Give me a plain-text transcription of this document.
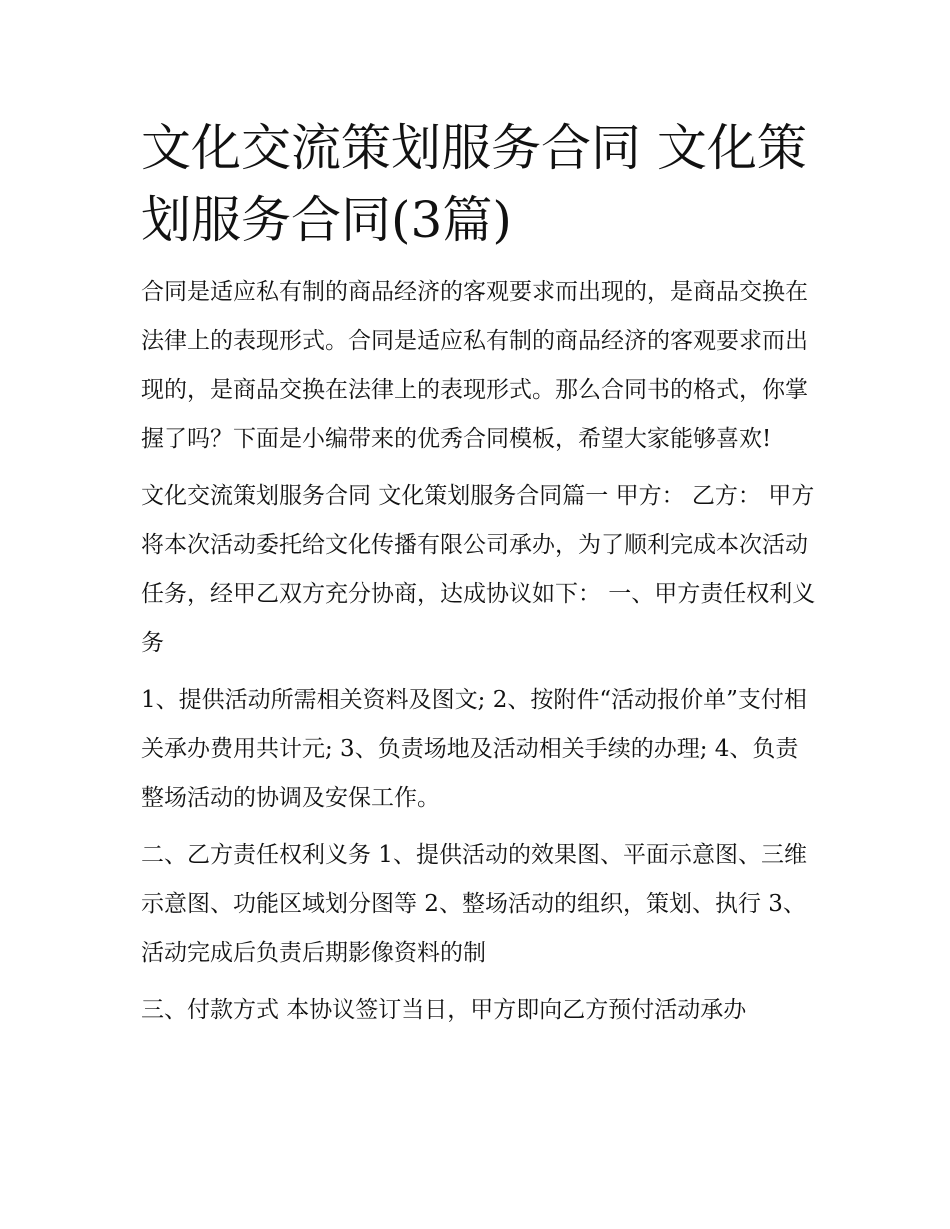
文化交流策划服务合同 文化策划服务合同(3篇)

合同是适应私有制的商品经济的客观要求而出现的，是商品交换在法律上的表现形式。合同是适应私有制的商品经济的客观要求而出现的，是商品交换在法律上的表现形式。那么合同书的格式，你掌握了吗？下面是小编带来的优秀合同模板，希望大家能够喜欢!

文化交流策划服务合同 文化策划服务合同篇一 甲方： 乙方： 甲方将本次活动委托给文化传播有限公司承办，为了顺利完成本次活动任务，经甲乙双方充分协商，达成协议如下： 一、甲方责任权利义务

1、提供活动所需相关资料及图文; 2、按附件“活动报价单”支付相关承办费用共计元; 3、负责场地及活动相关手续的办理; 4、负责整场活动的协调及安保工作。

二、乙方责任权利义务 1、提供活动的效果图、平面示意图、三维示意图、功能区域划分图等 2、整场活动的组织，策划、执行 3、活动完成后负责后期影像资料的制

三、付款方式 本协议签订当日，甲方即向乙方预付活动承办
